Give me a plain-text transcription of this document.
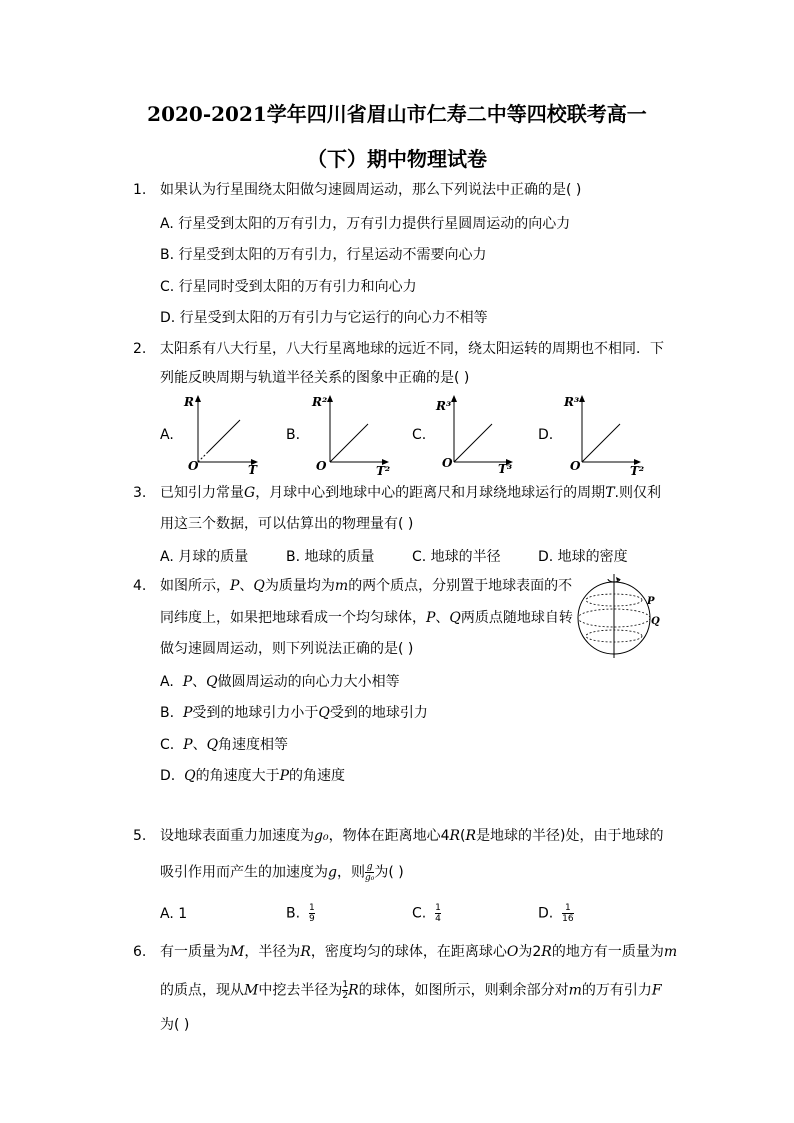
2020-2021学年四川省眉山市仁寿二中等四校联考高一
（下）期中物理试卷
1. 如果认为行星围绕太阳做匀速圆周运动，那么下列说法中正确的是( )
A. 行星受到太阳的万有引力，万有引力提供行星圆周运动的向心力
B. 行星受到太阳的万有引力，行星运动不需要向心力
C. 行星同时受到太阳的万有引力和向心力
D. 行星受到太阳的万有引力与它运行的向心力不相等
2. 太阳系有八大行星，八大行星离地球的远近不同，绕太阳运转的周期也不相同．下
列能反映周期与轨道半径关系的图象中正确的是( )
A.	B.	C.	D.
R
T
O
R²
T²
O
R³
T³
O
R³
T²
O
3. 已知引力常量G，月球中心到地球中心的距离尺和月球绕地球运行的周期T.则仅利
用这三个数据，可以估算出的物理量有( )
A. 月球的质量	B. 地球的质量	C. 地球的半径	D. 地球的密度
4. 如图所示，P、Q为质量均为m的两个质点，分别置于地球表面的不
同纬度上，如果把地球看成一个均匀球体，P、Q两质点随地球自转
做匀速圆周运动，则下列说法正确的是( )
A.  P、Q做圆周运动的向心力大小相等
B.  P受到的地球引力小于Q受到的地球引力
C.  P、Q角速度相等
D.  Q的角速度大于P的角速度
P
Q
5. 设地球表面重力加速度为g₀，物体在距离地心4R(R是地球的半径)处，由于地球的
吸引作用而产生的加速度为g，则$\frac{g}{\text{g₀}}$ 为( )
A. 1	B. $\frac{1}{9}$	C. $\frac{1}{4}$	D. $\frac{1}{16}$
6. 有一质量为M，半径为R，密度均匀的球体，在距离球心O为2R的地方有一质量为m
的质点，现从M中挖去半径为$\frac{1}{2}$ R的球体，如图所示，则剩余部分对m的万有引力F
为( )
